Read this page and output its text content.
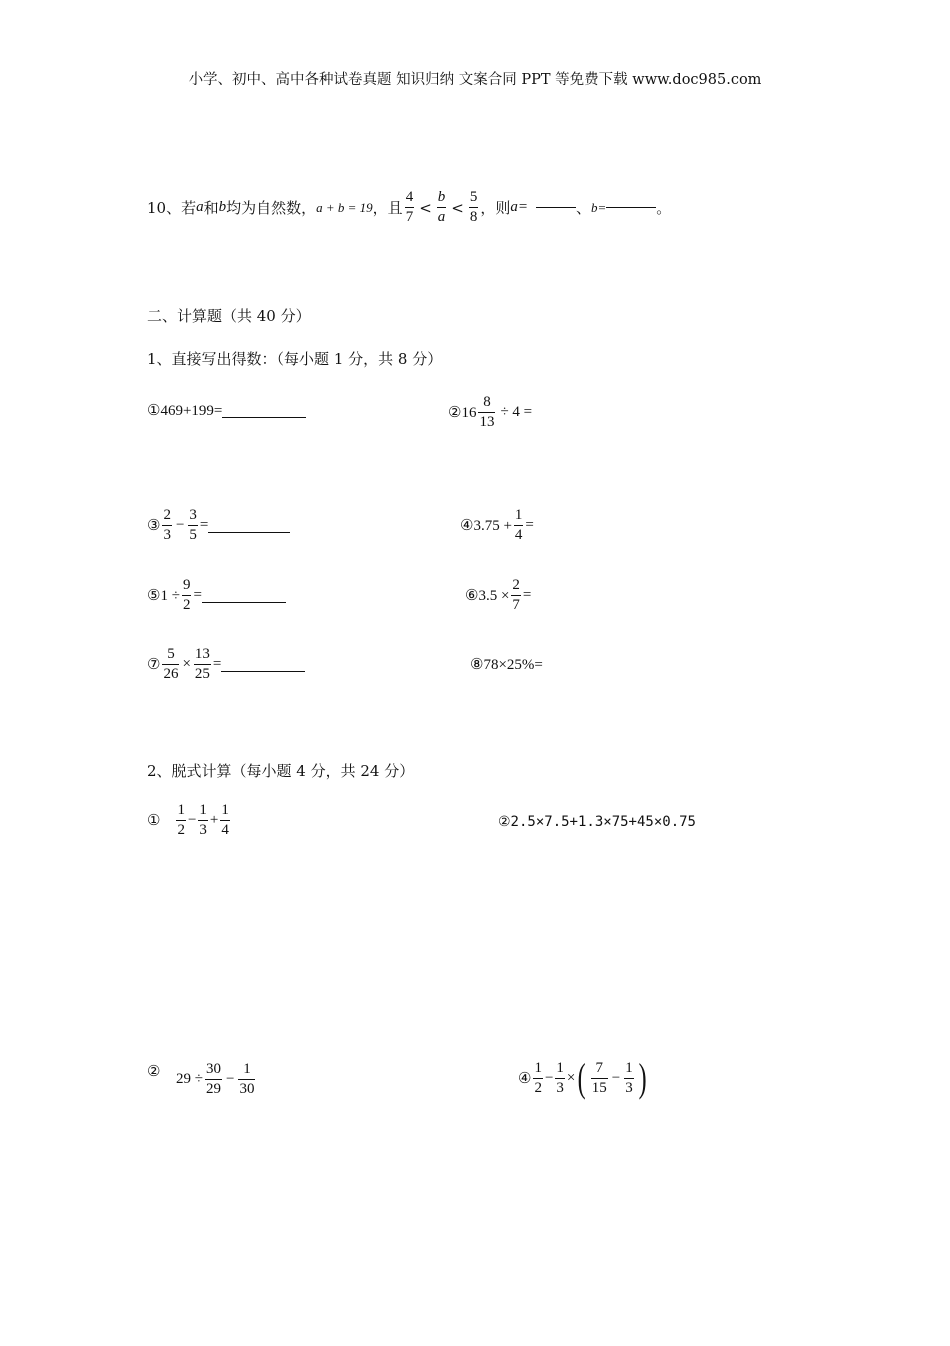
小学、初中、高中各种试卷真题 知识归纳 文案合同 PPT 等免费下载 www.doc985.com
10、若 a 和 b 均为自然数， a + b = 19 ，且 $\frac{4}{7} < \frac{b}{a} < \frac{5}{8}$ ，则 a=	、 b=	。
二、计算题（共 40 分）
1、直接写出得数：（每小题 1 分，共 8 分）
①469+199=	②16 $\frac{8}{13} \div 4$ =
③ $\frac{2}{3} - \frac{3}{5}$ =	④3.75 + $\frac{1}{4}$ =
⑤1 ÷ $\frac{9}{2}$ =	⑥3.5 × $\frac{2}{7}$ =
⑦ $\frac{5}{26} \times \frac{13}{25}$ =	⑧78×25%=
2、脱式计算（每小题 4 分，共 24 分）
① $\frac{1}{2} - \frac{1}{3} + \frac{1}{4}$	②2.5×7.5+1.3×75+45×0.75
② $29 \div \frac{30}{29} - \frac{1}{30}$	④ $\frac{1}{2} - \frac{1}{3}$ × ( $\frac{7}{15} - \frac{1}{3}$ )
